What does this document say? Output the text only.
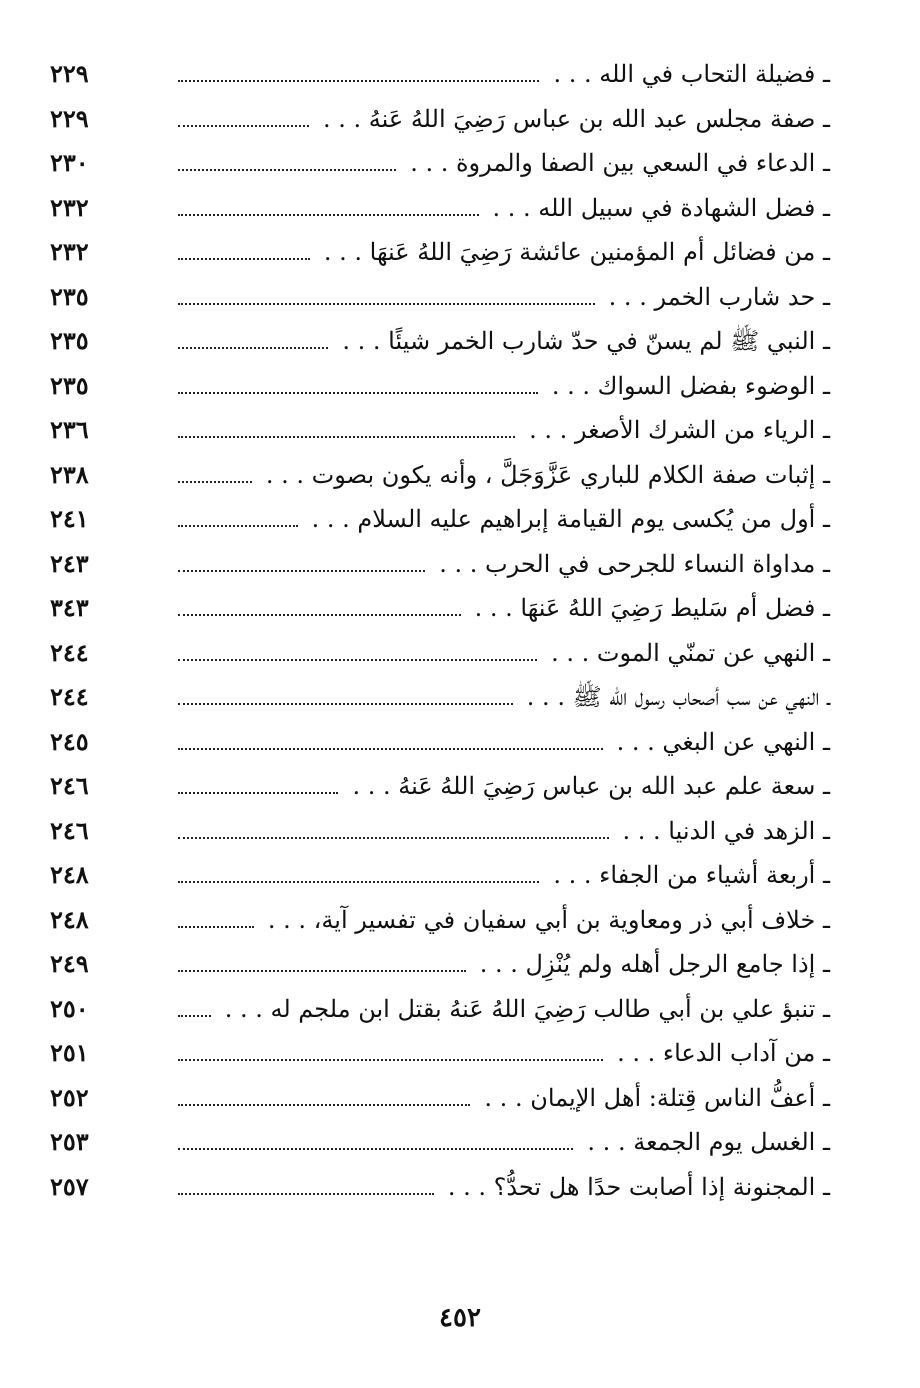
ـ فضيلة التحاب في الله . . .
٢٢٩
ـ صفة مجلس عبد الله بن عباس رَضِيَ اللهُ عَنهُ . . .
٢٢٩
ـ الدعاء في السعي بين الصفا والمروة . . .
٢٣٠
ـ فضل الشهادة في سبيل الله . . .
٢٣٢
ـ من فضائل أم المؤمنين عائشة رَضِيَ اللهُ عَنهَا . . .
٢٣٢
ـ حد شارب الخمر . . .
٢٣٥
ـ النبي ﷺ لم يسنّ في حدّ شارب الخمر شيئًا . . .
٢٣٥
ـ الوضوء بفضل السواك . . .
٢٣٥
ـ الرياء من الشرك الأصغر . . .
٢٣٦
ـ إثبات صفة الكلام للباري عَزَّوَجَلَّ ، وأنه يكون بصوت . . .
٢٣٨
ـ أول من يُكسى يوم القيامة إبراهيم عليه السلام . . .
٢٤١
ـ مداواة النساء للجرحى في الحرب . . .
٢٤٣
ـ فضل أم سَليط رَضِيَ اللهُ عَنهَا . . .
٣٤٣
ـ النهي عن تمنّي الموت . . .
٢٤٤
ـ النهي عن سب أصحاب رسول الله ﷺ . . .
٢٤٤
ـ النهي عن البغي . . .
٢٤٥
ـ سعة علم عبد الله بن عباس رَضِيَ اللهُ عَنهُ . . .
٢٤٦
ـ الزهد في الدنيا . . .
٢٤٦
ـ أربعة أشياء من الجفاء . . .
٢٤٨
ـ خلاف أبي ذر ومعاوية بن أبي سفيان في تفسير آية، . . .
٢٤٨
ـ إذا جامع الرجل أهله ولم يُنْزِل . . .
٢٤٩
ـ تنبؤ علي بن أبي طالب رَضِيَ اللهُ عَنهُ بقتل ابن ملجم له . . .
٢٥٠
ـ من آداب الدعاء . . .
٢٥١
ـ أعفُّ الناس قِتلة: أهل الإيمان . . .
٢٥٢
ـ الغسل يوم الجمعة . . .
٢٥٣
ـ المجنونة إذا أصابت حدًا هل تحدُّ؟ . . .
٢٥٧
٤٥٢
